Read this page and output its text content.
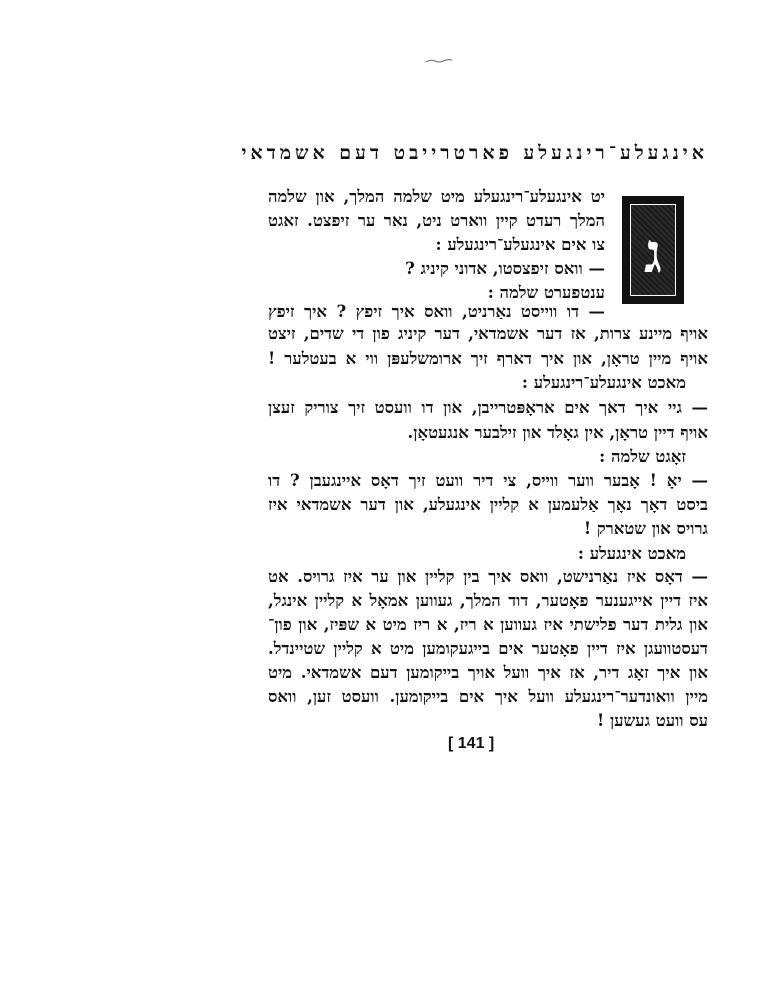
אינגעלע־רינגעלע פארטרייבט דעם אשמדאי
ג
יט אינגעלע־רינגעלע מיט שלמה המלך, און שלמה
המלך רעדט קיין ווארט ניט, נאר ער זיפצט. זאגט
צו אים אינגעלע־רינגעלע :
— וואס זיפצסטו, אדוני קיניג ?
ענטפערט שלמה :
— דו ווייסט נאַרניט, וואס איך זיפץ ? איך זיפץ
אויף מיינע צרות, אז דער אשמדאי, דער קיניג פון די שדים, זיצט
אויף מיין טראָן, און איך דארף זיך ארומשלעפּן ווי א בעטלער !
מאכט אינגעלע־רינגעלע :
— גיי איך דאך אים אראָפּטרייבן, און דו וועסט זיך צוריק זעצן
אויף דיין טראָן, אין גאָלד און זילבער אנגעטאָן.
זאָגט שלמה :
— יאָ ! אָבער ווער ווייס, צי דיר וועט זיך דאָס איינגעבן ? דו
ביסט דאָך נאָך אַלעמען א קליין אינגעלע, און דער אשמדאי איז
גרויס און שטארק !
מאכט אינגעלע :
— דאָס איז נאַרנישט, וואס איך בין קליין און ער איז גרויס. אט
איז דיין אייגענער פאָטער, דוד המלך, געווען אמאָל א קליין אינגל,
און גלית דער פלישתי איז געווען א ריז, א ריז מיט א שפּיז, און פון־
דעסטוועגן איז דיין פאָטער אים בייגעקומען מיט א קליין שטיינדל.
און איך זאָג דיר, אז איך וועל אויך בייקומען דעם אשמדאי. מיט
מיין וואונדער־רינגעלע וועל איך אים בייקומען. וועסט זען, וואס
עס וועט געשען !
[ 141 ]
